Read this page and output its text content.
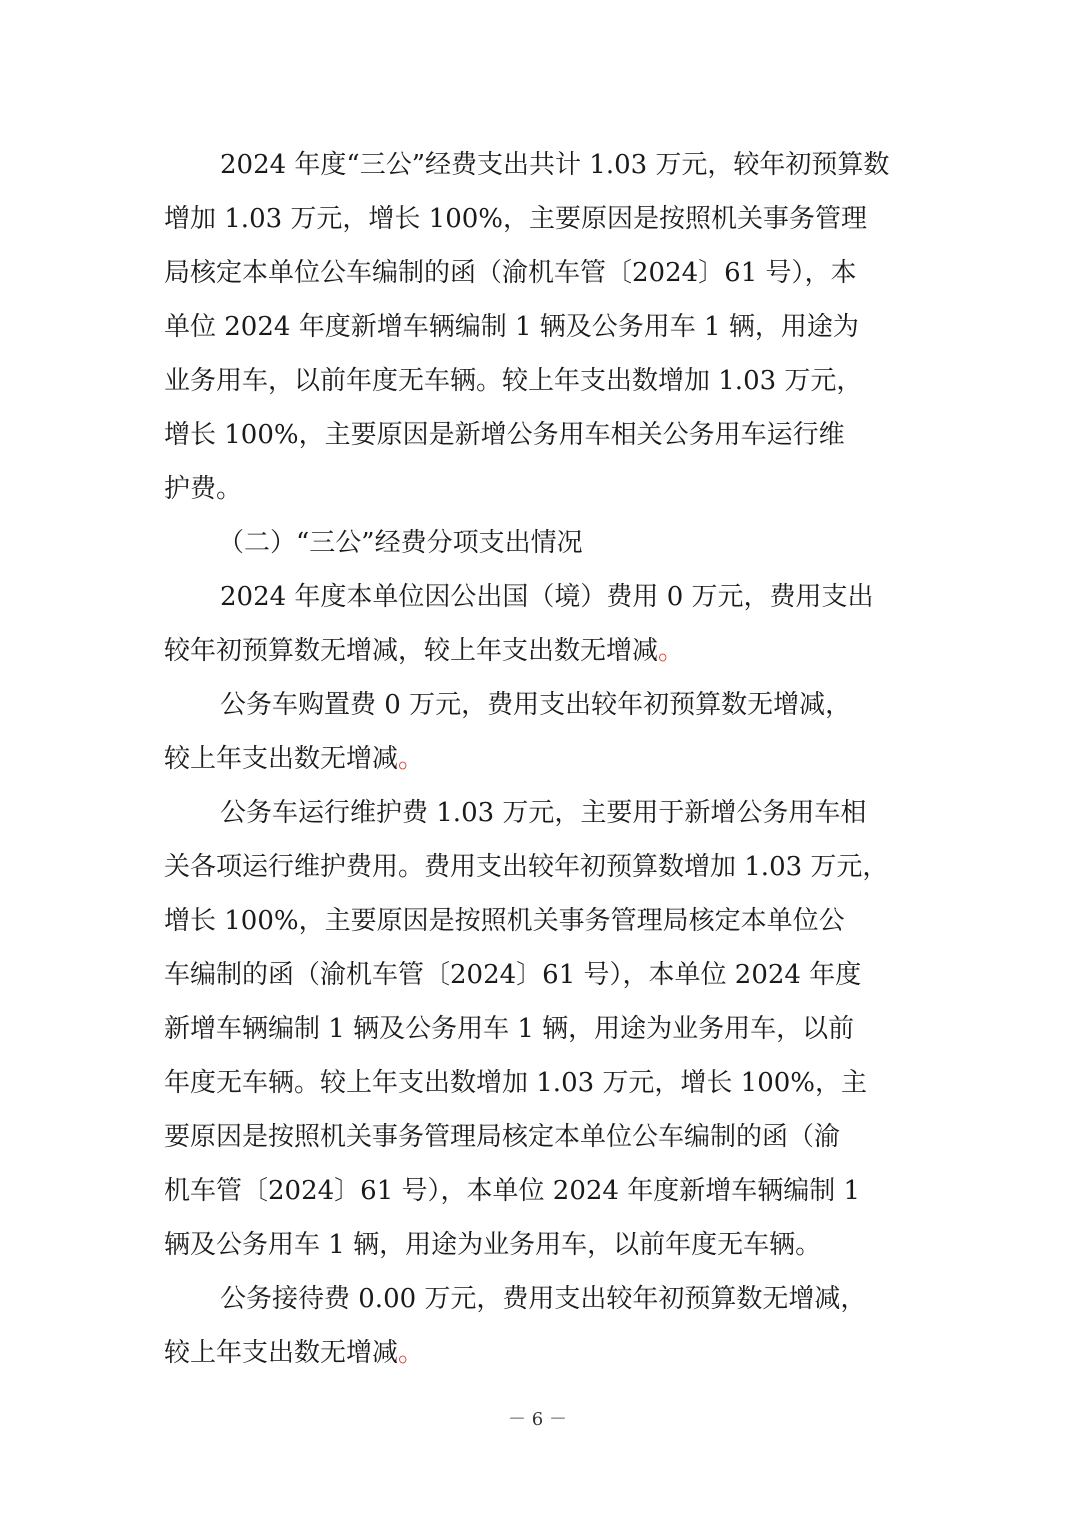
2024 年度“三公”经费支出共计 1.03 万元，较年初预算数
增加 1.03 万元，增长 100%，主要原因是按照机关事务管理
局核定本单位公车编制的函（渝机车管〔2024〕61 号），本
单位 2024 年度新增车辆编制 1 辆及公务用车 1 辆，用途为
业务用车，以前年度无车辆。较上年支出数增加 1.03 万元，
增长 100%，主要原因是新增公务用车相关公务用车运行维
护费。
（二）“三公”经费分项支出情况
2024 年度本单位因公出国（境）费用 0 万元，费用支出
较年初预算数无增减，较上年支出数无增减。
公务车购置费 0 万元，费用支出较年初预算数无增减，
较上年支出数无增减。
公务车运行维护费 1.03 万元，主要用于新增公务用车相
关各项运行维护费用。费用支出较年初预算数增加 1.03 万元，
增长 100%，主要原因是按照机关事务管理局核定本单位公
车编制的函（渝机车管〔2024〕61 号），本单位 2024 年度
新增车辆编制 1 辆及公务用车 1 辆，用途为业务用车，以前
年度无车辆。较上年支出数增加 1.03 万元，增长 100%，主
要原因是按照机关事务管理局核定本单位公车编制的函（渝
机车管〔2024〕61 号），本单位 2024 年度新增车辆编制 1
辆及公务用车 1 辆，用途为业务用车，以前年度无车辆。
公务接待费 0.00 万元，费用支出较年初预算数无增减，
较上年支出数无增减。
－ 6 －
